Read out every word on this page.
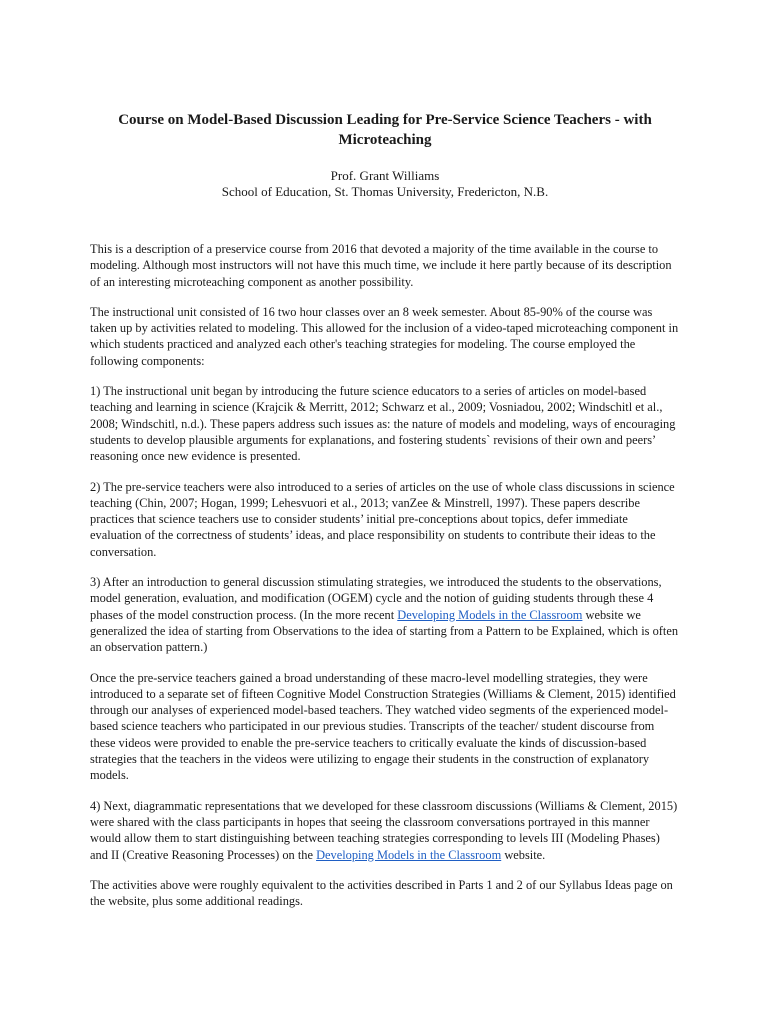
Course on Model-Based Discussion Leading for Pre-Service Science Teachers - with Microteaching

Prof. Grant Williams

School of Education, St. Thomas University, Fredericton, N.B.

This is a description of a preservice course from 2016 that devoted a majority of the time available in the course to modeling. Although most instructors will not have this much time, we include it here partly because of its description of an interesting microteaching component as another possibility.

The instructional unit consisted of 16 two hour classes over an 8 week semester. About 85-90% of the course was taken up by activities related to modeling. This allowed for the inclusion of a video-taped microteaching component in which students practiced and analyzed each other's teaching strategies for modeling. The course employed the following components:

1) The instructional unit began by introducing the future science educators to a series of articles on model-based teaching and learning in science (Krajcik & Merritt, 2012; Schwarz et al., 2009; Vosniadou, 2002; Windschitl et al., 2008; Windschitl, n.d.). These papers address such issues as: the nature of models and modeling, ways of encouraging students to develop plausible arguments for explanations, and fostering students` revisions of their own and peers’ reasoning once new evidence is presented.

2) The pre-service teachers were also introduced to a series of articles on the use of whole class discussions in science teaching (Chin, 2007; Hogan, 1999; Lehesvuori et al., 2013; vanZee & Minstrell, 1997). These papers describe practices that science teachers use to consider students’ initial pre-conceptions about topics, defer immediate evaluation of the correctness of students’ ideas, and place responsibility on students to contribute their ideas to the conversation.

3) After an introduction to general discussion stimulating strategies, we introduced the students to the observations, model generation, evaluation, and modification (OGEM) cycle and the notion of guiding students through these 4 phases of the model construction process. (In the more recent Developing Models in the Classroom website we generalized the idea of starting from Observations to the idea of starting from a Pattern to be Explained, which is often an observation pattern.)

Once the pre-service teachers gained a broad understanding of these macro-level modelling strategies, they were introduced to a separate set of fifteen Cognitive Model Construction Strategies (Williams & Clement, 2015) identified through our analyses of experienced model-based teachers. They watched video segments of the experienced model-based science teachers who participated in our previous studies. Transcripts of the teacher/ student discourse from these videos were provided to enable the pre-service teachers to critically evaluate the kinds of discussion-based strategies that the teachers in the videos were utilizing to engage their students in the construction of explanatory models.

4) Next, diagrammatic representations that we developed for these classroom discussions (Williams & Clement, 2015) were shared with the class participants in hopes that seeing the classroom conversations portrayed in this manner would allow them to start distinguishing between teaching strategies corresponding to levels III (Modeling Phases) and II (Creative Reasoning Processes) on the Developing Models in the Classroom website.

The activities above were roughly equivalent to the activities described in Parts 1 and 2 of our Syllabus Ideas page on the website, plus some additional readings.
